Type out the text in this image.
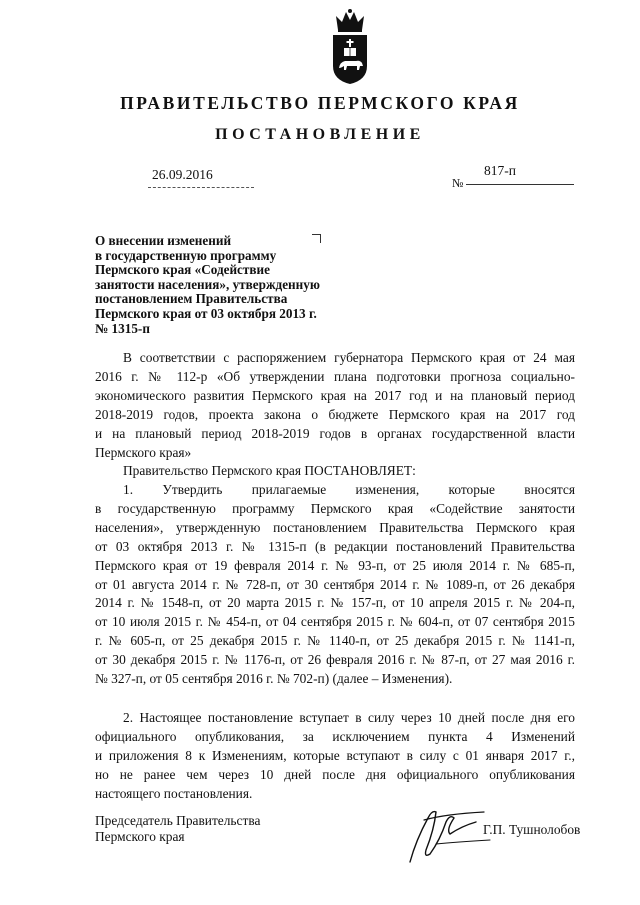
ПРАВИТЕЛЬСТВО ПЕРМСКОГО КРАЯ
ПОСТАНОВЛЕНИЕ
26.09.2016
№
817-п
О внесении изменений
в государственную программу
Пермского края «Содействие
занятости населения», утвержденную
постановлением Правительства
Пермского края от 03 октября 2013 г.
№ 1315-п
В соответствии с распоряжением губернатора Пермского края от 24 мая
2016 г. № 112-р «Об утверждении плана подготовки прогноза социально-
экономического развития Пермского края на 2017 год и на плановый период
2018-2019 годов, проекта закона о бюджете Пермского края на 2017 год
и на плановый период 2018-2019 годов в органах государственной власти
Пермского края»
Правительство Пермского края ПОСТАНОВЛЯЕТ:
1. Утвердить прилагаемые изменения, которые вносятся
в государственную программу Пермского края «Содействие занятости
населения», утвержденную постановлением Правительства Пермского края
от 03 октября 2013 г. № 1315-п (в редакции постановлений Правительства
Пермского края от 19 февраля 2014 г. № 93-п, от 25 июля 2014 г. № 685-п,
от 01 августа 2014 г. № 728-п, от 30 сентября 2014 г. № 1089-п, от 26 декабря
2014 г. № 1548-п, от 20 марта 2015 г. № 157-п, от 10 апреля 2015 г. № 204-п,
от 10 июля 2015 г. № 454-п, от 04 сентября 2015 г. № 604-п, от 07 сентября 2015
г. № 605-п, от 25 декабря 2015 г. № 1140-п, от 25 декабря 2015 г. № 1141-п,
от 30 декабря 2015 г. № 1176-п, от 26 февраля 2016 г. № 87-п, от 27 мая 2016 г.
№ 327-п, от 05 сентября 2016 г. № 702-п) (далее – Изменения).
2. Настоящее постановление вступает в силу через 10 дней после дня его
официального опубликования, за исключением пункта 4 Изменений
и приложения 8 к Изменениям, которые вступают в силу с 01 января 2017 г.,
но не ранее чем через 10 дней после дня официального опубликования
настоящего постановления.
Председатель Правительства
Пермского края	Г.П. Тушнолобов
